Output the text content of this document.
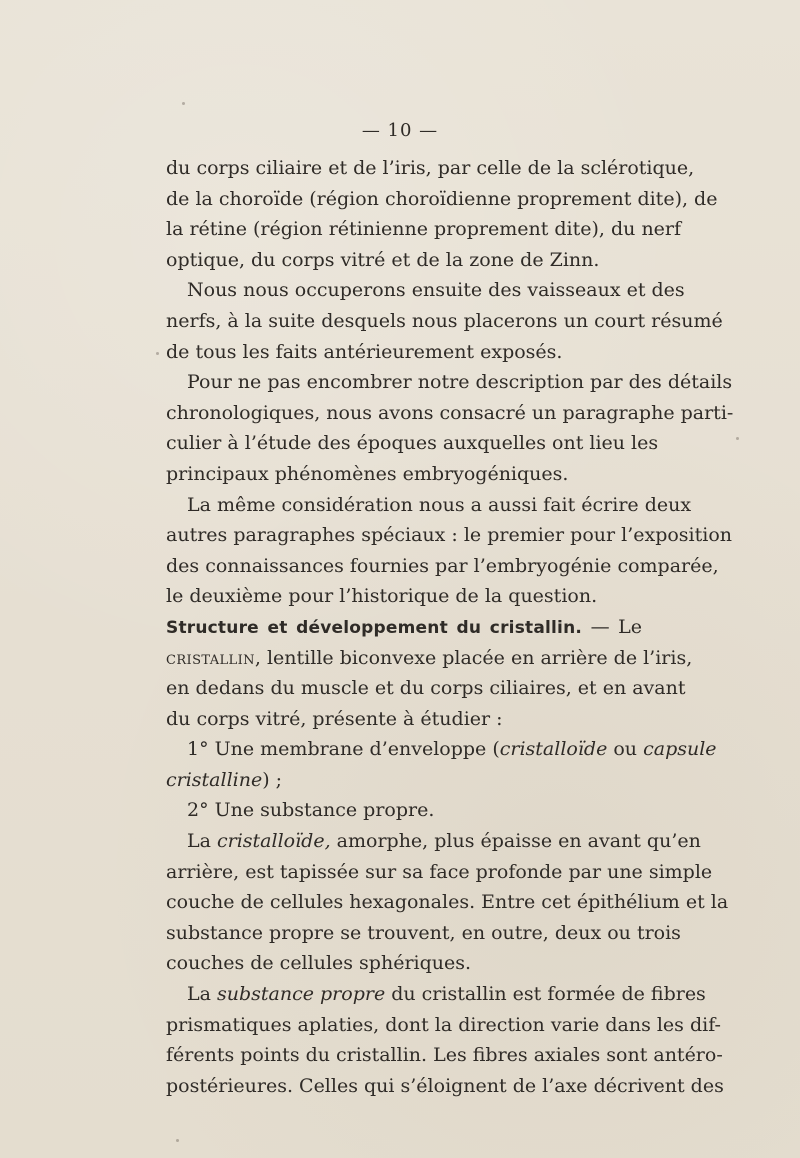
— 10 —
du corps ciliaire et de l’iris, par celle de la sclérotique,
de la choroïde (région choroïdienne proprement dite), de
la rétine (région rétinienne proprement dite), du nerf
optique, du corps vitré et de la zone de Zinn.
Nous nous occuperons ensuite des vaisseaux et des
nerfs, à la suite desquels nous placerons un court résumé
de tous les faits antérieurement exposés.
Pour ne pas encombrer notre description par des détails
chronologiques, nous avons consacré un paragraphe parti-
culier à l’étude des époques auxquelles ont lieu les
principaux phénomènes embryogéniques.
La même considération nous a aussi fait écrire deux
autres paragraphes spéciaux : le premier pour l’exposition
des connaissances fournies par l’embryogénie comparée,
le deuxième pour l’historique de la question.
Structure et développement du cristallin. — Le
cristallin, lentille biconvexe placée en arrière de l’iris,
en dedans du muscle et du corps ciliaires, et en avant
du corps vitré, présente à étudier :
1° Une membrane d’enveloppe (cristalloïde ou capsule
cristalline) ;
2° Une substance propre.
La cristalloïde, amorphe, plus épaisse en avant qu’en
arrière, est tapissée sur sa face profonde par une simple
couche de cellules hexagonales. Entre cet épithélium et la
substance propre se trouvent, en outre, deux ou trois
couches de cellules sphériques.
La substance propre du cristallin est formée de fibres
prismatiques aplaties, dont la direction varie dans les dif-
férents points du cristallin. Les fibres axiales sont antéro-
postérieures. Celles qui s’éloignent de l’axe décrivent des
